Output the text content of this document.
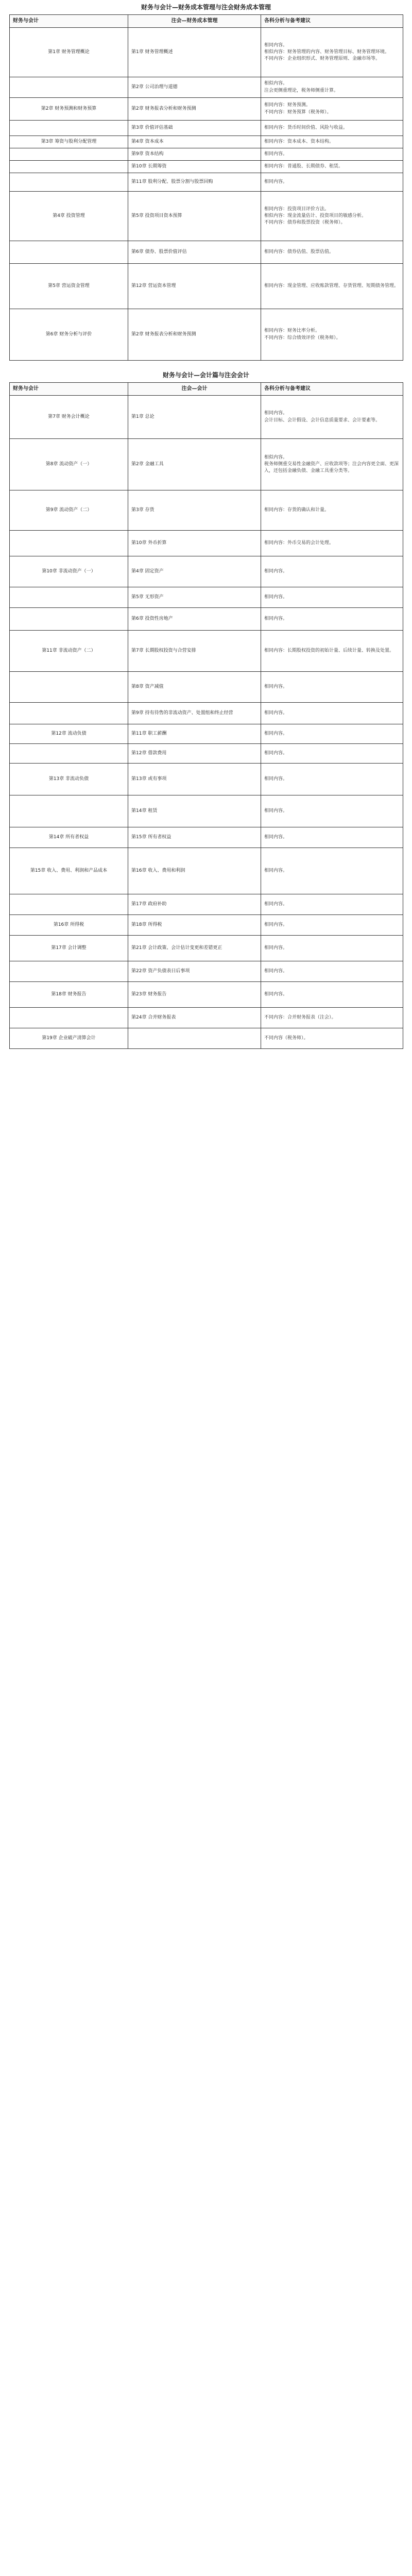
财务与会计—财务成本管理与注会财务成本管理
财务与会计	注会—财务成本管理	各科分析与备考建议
第1章 财务管理概论	第1章 财务管理概述	相同内容。
相似内容：财务管理的内容、财务管理目标、财务管理环境。
不同内容：企业组织形式、财务管理原则、金融市场等。

	第2章 公司治理与道德	相似内容。
注会更侧重理论，税务师侧重计算。

第2章 财务预测和财务预算	第2章 财务报表分析和财务预测	相同内容：财务预测。
不同内容：财务预算（税务师）。

	第3章 价值评估基础	相同内容：货币时间价值、风险与收益。

第3章 筹资与股利分配管理	第4章 资本成本	相同内容：资本成本、资本结构。

	第9章 资本结构	相同内容。

	第10章 长期筹资	相同内容：普通股、长期债券、租赁。

	第11章 股利分配、股票分割与股票回购	相同内容。

第4章 投资管理	第5章 投资项目资本预算	相同内容：投资项目评价方法。
相似内容：现金流量估计、投资项目的敏感分析。
不同内容：债券和股票投资（税务师）。

	第6章 债券、股票价值评估	相同内容：债券估值、股票估值。

第5章 营运资金管理	第12章 营运资本管理	相同内容：现金管理、应收账款管理、存货管理、短期债务管理。

第6章 财务分析与评价	第2章 财务报表分析和财务预测	相同内容：财务比率分析。
不同内容：综合绩效评价（税务师）。
财务与会计—会计篇与注会会计
财务与会计	注会—会计	各科分析与备考建议
第7章 财务会计概论	第1章 总论	相同内容。
会计目标、会计假设、会计信息质量要求、会计要素等。

第8章 流动资产（一）	第2章 金融工具	相似内容。
税务师侧重交易性金融资产、应收款项等；注会内容更全面、更深入，还包括金融负债、金融工具重分类等。

第9章 流动资产（二）	第3章 存货	相同内容：存货的确认和计量。

	第10章 外币折算	相同内容：外币交易的会计处理。

第10章 非流动资产（一）	第4章 固定资产	相同内容。

	第5章 无形资产	相同内容。

	第6章 投资性房地产	相同内容。

第11章 非流动资产（二）	第7章 长期股权投资与合营安排	相同内容：长期股权投资的初始计量、后续计量、转换及处置。

	第8章 资产减值	相同内容。

	第9章 持有待售的非流动资产、处置组和终止经营	相同内容。

第12章 流动负债	第11章 职工薪酬	相同内容。

	第12章 借款费用	相同内容。

第13章 非流动负债	第13章 或有事项	相同内容。

	第14章 租赁	相同内容。

第14章 所有者权益	第15章 所有者权益	相同内容。

第15章 收入、费用、利润和产品成本	第16章 收入、费用和利润	相同内容。

	第17章 政府补助	相同内容。

第16章 所得税	第18章 所得税	相同内容。

第17章 会计调整	第21章 会计政策、会计估计变更和差错更正	相同内容。

	第22章 资产负债表日后事项	相同内容。

第18章 财务报告	第23章 财务报告	相同内容。

	第24章 合并财务报表	不同内容：合并财务报表（注会）。

第19章 企业破产清算会计		不同内容（税务师）。
